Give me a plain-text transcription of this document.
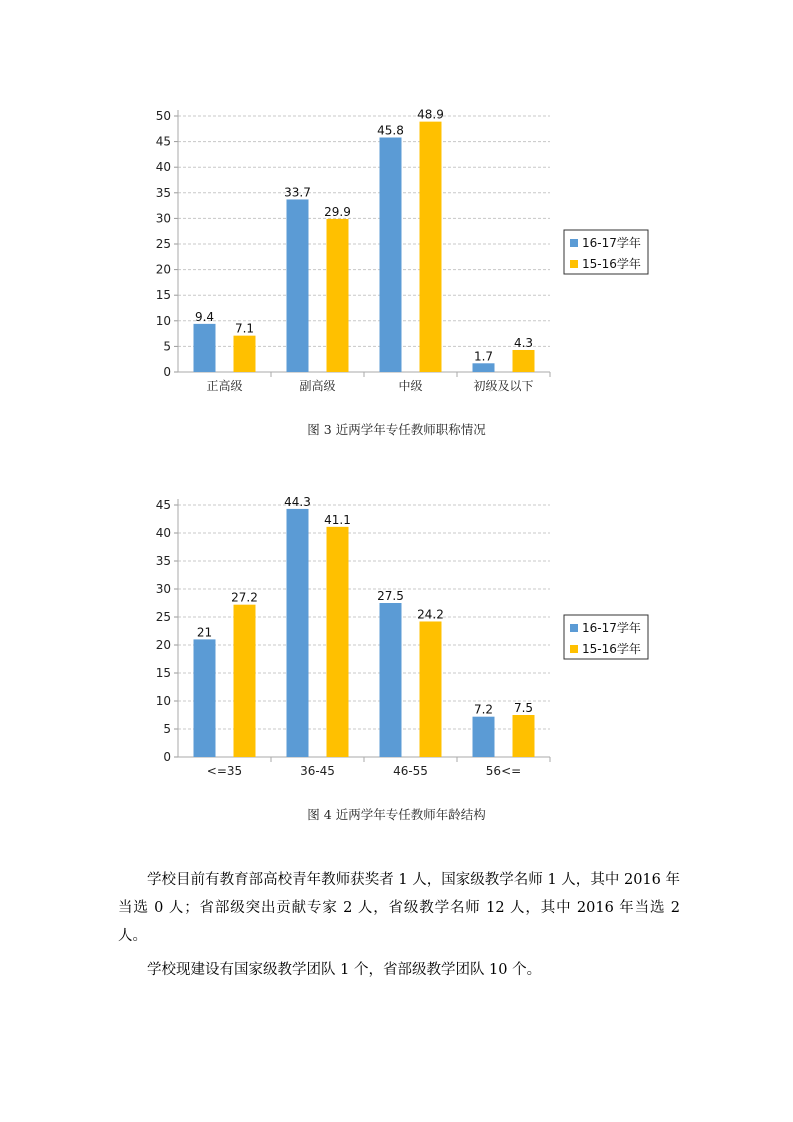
0
5
10
15
20
25
30
35
40
45
50
9.4
7.1
正高级
33.7
29.9
副高级
45.8
48.9
中级
1.7
4.3
初级及以下
16-17学年
15-16学年
图 3 近两学年专任教师职称情况
0
5
10
15
20
25
30
35
40
45
21
27.2
<=35
44.3
41.1
36-45
27.5
24.2
46-55
7.2 7.5
56<=
16-17学年
15-16学年
图 4 近两学年专任教师年龄结构

学校目前有教育部高校青年教师获奖者 1 人，国家级教学名师 1 人，其中 2016 年当选 0 人；省部级突出贡献专家 2 人，省级教学名师 12 人，其中 2016 年当选 2 人。

学校现建设有国家级教学团队 1 个，省部级教学团队 10 个。
